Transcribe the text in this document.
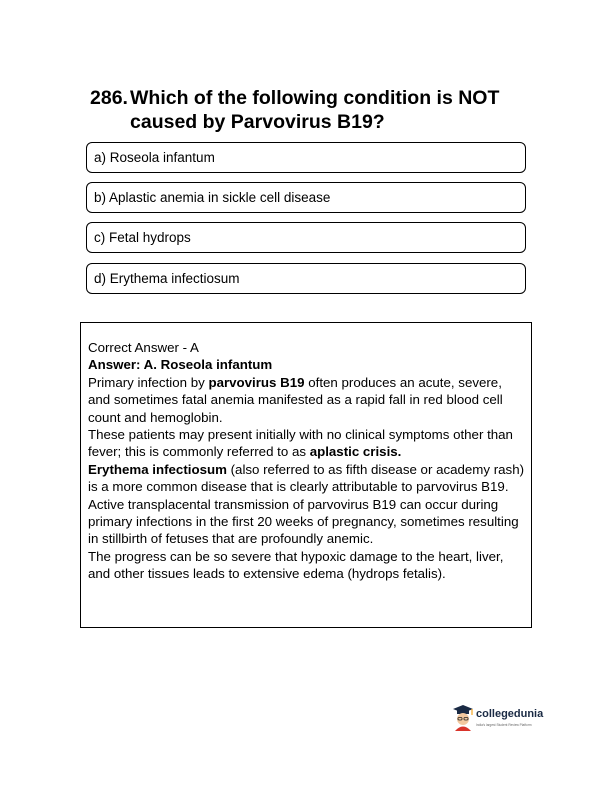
286. Which of the following condition is NOT caused by Parvovirus B19?
a) Roseola infantum
b) Aplastic anemia in sickle cell disease
c) Fetal hydrops
d) Erythema infectiosum

Correct Answer - A

Answer: A. Roseola infantum

Primary infection by parvovirus B19 often produces an acute, severe, and sometimes fatal anemia manifested as a rapid fall in red blood cell count and hemoglobin.

These patients may present initially with no clinical symptoms other than fever; this is commonly referred to as aplastic crisis.

Erythema infectiosum (also referred to as fifth disease or academy rash) is a more common disease that is clearly attributable to parvovirus B19.

Active transplacental transmission of parvovirus B19 can occur during primary infections in the first 20 weeks of pregnancy, sometimes resulting in stillbirth of fetuses that are profoundly anemic.

The progress can be so severe that hypoxic damage to the heart, liver, and other tissues leads to extensive edema (hydrops fetalis).

collegedunia
India's largest Student Review Platform
